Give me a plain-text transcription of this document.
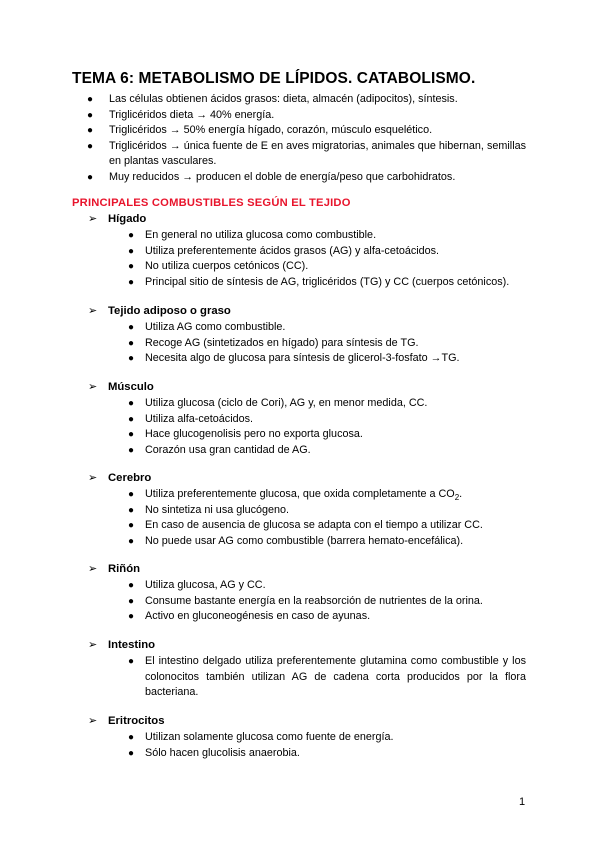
TEMA 6: METABOLISMO DE LÍPIDOS. CATABOLISMO.
● Las células obtienen ácidos grasos: dieta, almacén (adipocitos), síntesis.
● Triglicéridos dieta → 40% energía.
● Triglicéridos → 50% energía hígado, corazón, músculo esquelético.
● Triglicéridos → única fuente de E en aves migratorias, animales que hibernan, semillas en plantas vasculares.
● Muy reducidos → producen el doble de energía/peso que carbohidratos.
PRINCIPALES COMBUSTIBLES SEGÚN EL TEJIDO
➢ Hígado
● En general no utiliza glucosa como combustible.
● Utiliza preferentemente ácidos grasos (AG) y alfa-cetoácidos.
● No utiliza cuerpos cetónicos (CC).
● Principal sitio de síntesis de AG, triglicéridos (TG) y CC (cuerpos cetónicos).
➢ Tejido adiposo o graso
● Utiliza AG como combustible.
● Recoge AG (sintetizados en hígado) para síntesis de TG.
● Necesita algo de glucosa para síntesis de glicerol-3-fosfato →TG.
➢ Músculo
● Utiliza glucosa (ciclo de Cori), AG y, en menor medida, CC.
● Utiliza alfa-cetoácidos.
● Hace glucogenolisis pero no exporta glucosa.
● Corazón usa gran cantidad de AG.
➢ Cerebro
● Utiliza preferentemente glucosa, que oxida completamente a $CO_2$.
● No sintetiza ni usa glucógeno.
● En caso de ausencia de glucosa se adapta con el tiempo a utilizar CC.
● No puede usar AG como combustible (barrera hemato-encefálica).
➢ Riñón
● Utiliza glucosa, AG y CC.
● Consume bastante energía en la reabsorción de nutrientes de la orina.
● Activo en gluconeogénesis en caso de ayunas.
➢ Intestino
● El intestino delgado utiliza preferentemente glutamina como combustible y los colonocitos también utilizan AG de cadena corta producidos por la flora bacteriana.
➢ Eritrocitos
● Utilizan solamente glucosa como fuente de energía.
● Sólo hacen glucolisis anaerobia.
1
